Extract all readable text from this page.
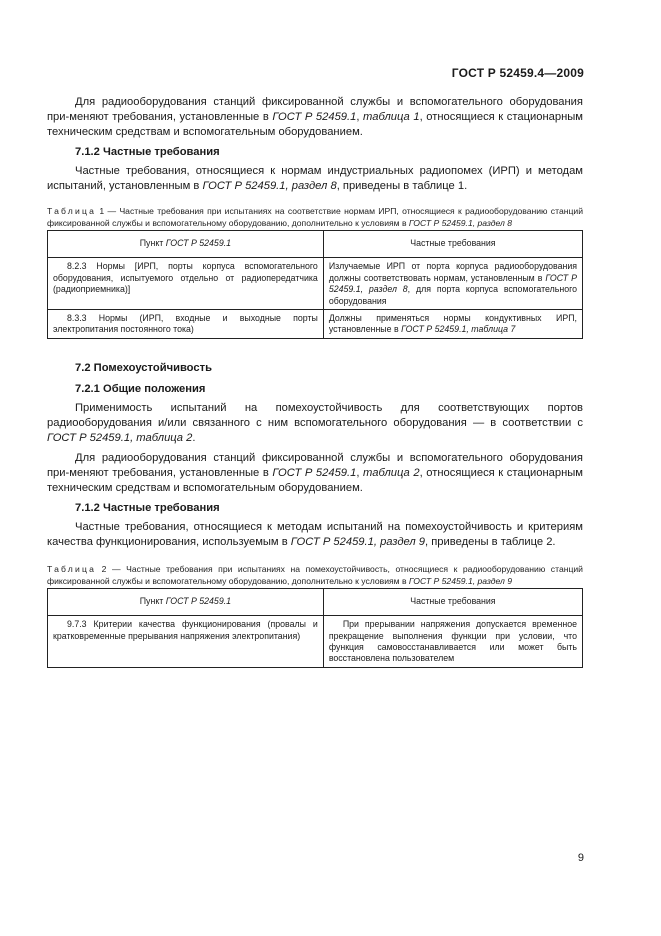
ГОСТ Р 52459.4—2009

Для радиооборудования станций фиксированной службы и вспомогательного оборудования при-меняют требования, установленные в ГОСТ Р 52459.1, таблица 1, относящиеся к стационарным техническим средствам и вспомогательным оборудованием.

7.1.2 Частные требования

Частные требования, относящиеся к нормам индустриальных радиопомех (ИРП) и методам испытаний, установленным в ГОСТ Р 52459.1, раздел 8, приведены в таблице 1.

Таблица 1 — Частные требования при испытаниях на соответствие нормам ИРП, относящиеся к радиооборудованию станций фиксированной службы и вспомогательному оборудованию, дополнительно к условиям в ГОСТ Р 52459.1, раздел 8
Пункт ГОСТ Р 52459.1	Частные требования
8.2.3 Нормы [ИРП, порты корпуса вспомогательного оборудования, испытуемого отдельно от радиопередатчика (радиоприемника)]	Излучаемые ИРП от порта корпуса радиооборудования должны соответствовать нормам, установленным в ГОСТ Р 52459.1, раздел 8, для порта корпуса вспомогательного оборудования
8.3.3 Нормы (ИРП, входные и выходные порты электропитания постоянного тока)	Должны применяться нормы кондуктивных ИРП, установленные в ГОСТ Р 52459.1, таблица 7
7.2 Помехоустойчивость
7.2.1 Общие положения

Применимость испытаний на помехоустойчивость для соответствующих портов радиооборудования и/или связанного с ним вспомогательного оборудования — в соответствии с ГОСТ Р 52459.1, таблица 2.

Для радиооборудования станций фиксированной службы и вспомогательного оборудования при-меняют требования, установленные в ГОСТ Р 52459.1, таблица 2, относящиеся к стационарным техническим средствам и вспомогательным оборудованием.

7.1.2 Частные требования

Частные требования, относящиеся к методам испытаний на помехоустойчивость и критериям качества функционирования, используемым в ГОСТ Р 52459.1, раздел 9, приведены в таблице 2.

Таблица 2 — Частные требования при испытаниях на помехоустойчивость, относящиеся к радиооборудованию станций фиксированной службы и вспомогательному оборудованию, дополнительно к условиям в ГОСТ Р 52459.1, раздел 9
Пункт ГОСТ Р 52459.1	Частные требования
9.7.3 Критерии качества функционирования (провалы и кратковременные прерывания напряжения электропитания)	При прерывании напряжения допускается временное прекращение выполнения функции при условии, что функция самовосстанавливается или может быть восстановлена пользователем
9
